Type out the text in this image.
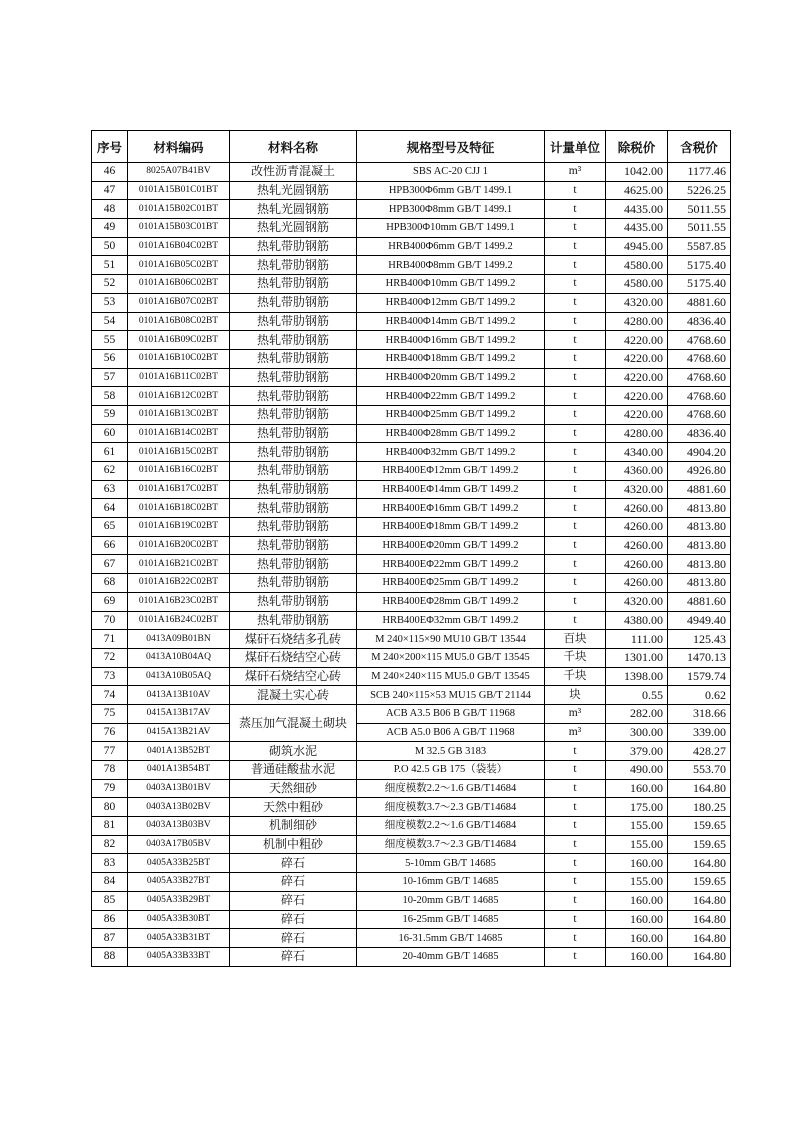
序号	材料编码	材料名称	规格型号及特征	计量单位	除税价	含税价
46	8025A07B41BV	改性沥青混凝土	SBS AC-20 CJJ 1	m³	1042.00	1177.46
47	0101A15B01C01BT	热轧光圆钢筋	HPB300Φ6mm GB/T 1499.1	t	4625.00	5226.25
48	0101A15B02C01BT	热轧光圆钢筋	HPB300Φ8mm GB/T 1499.1	t	4435.00	5011.55
49	0101A15B03C01BT	热轧光圆钢筋	HPB300Φ10mm GB/T 1499.1	t	4435.00	5011.55
50	0101A16B04C02BT	热轧带肋钢筋	HRB400Φ6mm GB/T 1499.2	t	4945.00	5587.85
51	0101A16B05C02BT	热轧带肋钢筋	HRB400Φ8mm GB/T 1499.2	t	4580.00	5175.40
52	0101A16B06C02BT	热轧带肋钢筋	HRB400Φ10mm GB/T 1499.2	t	4580.00	5175.40
53	0101A16B07C02BT	热轧带肋钢筋	HRB400Φ12mm GB/T 1499.2	t	4320.00	4881.60
54	0101A16B08C02BT	热轧带肋钢筋	HRB400Φ14mm GB/T 1499.2	t	4280.00	4836.40
55	0101A16B09C02BT	热轧带肋钢筋	HRB400Φ16mm GB/T 1499.2	t	4220.00	4768.60
56	0101A16B10C02BT	热轧带肋钢筋	HRB400Φ18mm GB/T 1499.2	t	4220.00	4768.60
57	0101A16B11C02BT	热轧带肋钢筋	HRB400Φ20mm GB/T 1499.2	t	4220.00	4768.60
58	0101A16B12C02BT	热轧带肋钢筋	HRB400Φ22mm GB/T 1499.2	t	4220.00	4768.60
59	0101A16B13C02BT	热轧带肋钢筋	HRB400Φ25mm GB/T 1499.2	t	4220.00	4768.60
60	0101A16B14C02BT	热轧带肋钢筋	HRB400Φ28mm GB/T 1499.2	t	4280.00	4836.40
61	0101A16B15C02BT	热轧带肋钢筋	HRB400Φ32mm GB/T 1499.2	t	4340.00	4904.20
62	0101A16B16C02BT	热轧带肋钢筋	HRB400EΦ12mm GB/T 1499.2	t	4360.00	4926.80
63	0101A16B17C02BT	热轧带肋钢筋	HRB400EΦ14mm GB/T 1499.2	t	4320.00	4881.60
64	0101A16B18C02BT	热轧带肋钢筋	HRB400EΦ16mm GB/T 1499.2	t	4260.00	4813.80
65	0101A16B19C02BT	热轧带肋钢筋	HRB400EΦ18mm GB/T 1499.2	t	4260.00	4813.80
66	0101A16B20C02BT	热轧带肋钢筋	HRB400EΦ20mm GB/T 1499.2	t	4260.00	4813.80
67	0101A16B21C02BT	热轧带肋钢筋	HRB400EΦ22mm GB/T 1499.2	t	4260.00	4813.80
68	0101A16B22C02BT	热轧带肋钢筋	HRB400EΦ25mm GB/T 1499.2	t	4260.00	4813.80
69	0101A16B23C02BT	热轧带肋钢筋	HRB400EΦ28mm GB/T 1499.2	t	4320.00	4881.60
70	0101A16B24C02BT	热轧带肋钢筋	HRB400EΦ32mm GB/T 1499.2	t	4380.00	4949.40
71	0413A09B01BN	煤矸石烧结多孔砖	M 240×115×90 MU10 GB/T 13544	百块	111.00	125.43
72	0413A10B04AQ	煤矸石烧结空心砖	M 240×200×115 MU5.0 GB/T 13545	千块	1301.00	1470.13
73	0413A10B05AQ	煤矸石烧结空心砖	M 240×240×115 MU5.0 GB/T 13545	千块	1398.00	1579.74
74	0413A13B10AV	混凝土实心砖	SCB 240×115×53 MU15 GB/T 21144	块	0.55	0.62
75	0415A13B17AV	蒸压加气混凝土砌块	ACB A3.5 B06 B GB/T 11968	m³	282.00	318.66
76	0415A13B21AV		ACB A5.0 B06 A GB/T 11968	m³	300.00	339.00
77	0401A13B52BT	砌筑水泥	M 32.5 GB 3183	t	379.00	428.27
78	0401A13B54BT	普通硅酸盐水泥	P.O 42.5 GB 175（袋装）	t	490.00	553.70
79	0403A13B01BV	天然细砂	细度模数2.2～1.6 GB/T14684	t	160.00	164.80
80	0403A13B02BV	天然中粗砂	细度模数3.7～2.3 GB/T14684	t	175.00	180.25
81	0403A13B03BV	机制细砂	细度模数2.2～1.6 GB/T14684	t	155.00	159.65
82	0403A17B05BV	机制中粗砂	细度模数3.7～2.3 GB/T14684	t	155.00	159.65
83	0405A33B25BT	碎石	5-10mm GB/T 14685	t	160.00	164.80
84	0405A33B27BT	碎石	10-16mm GB/T 14685	t	155.00	159.65
85	0405A33B29BT	碎石	10-20mm GB/T 14685	t	160.00	164.80
86	0405A33B30BT	碎石	16-25mm GB/T 14685	t	160.00	164.80
87	0405A33B31BT	碎石	16-31.5mm GB/T 14685	t	160.00	164.80
88	0405A33B33BT	碎石	20-40mm GB/T 14685	t	160.00	164.80
